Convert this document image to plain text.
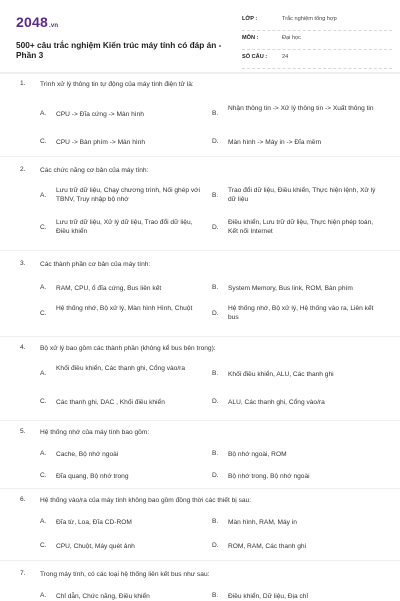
2048.vn
500+ câu trắc nghiệm Kiến trúc máy tính có đáp án - Phần 3
LỚP :	Trắc nghiệm tổng hợp
MÔN :	Đại học
SỐ CÂU :	24
1. Trình xử lý thông tin tự động của máy tính điện tử là:
A. CPU -> Đĩa cứng -> Màn hình	B.
Nhận thông tin -> Xử lý thông tin -> Xuất thông tin
C. CPU -> Bàn phím -> Màn hình	D. Màn hình -> Máy in -> Đĩa mềm
2. Các chức năng cơ bản của máy tính:
A.
Lưu trữ dữ liệu, Chạy chương trình, Nối ghép với TBNV, Truy nhập bộ nhớ
B.
Trao đổi dữ liệu, Điều khiển, Thực hiện lệnh, Xử lý dữ liệu
C.
Lưu trữ dữ liệu, Xử lý dữ liệu, Trao đổi dữ liệu, Điều khiển
D.
Điều khiển, Lưu trữ dữ liệu, Thực hiện phép toán, Kết nối Internet
3. Các thành phần cơ bản của máy tính:
A. RAM, CPU, ổ đĩa cứng, Bus liên kết	B. System Memory, Bus link, ROM, Bàn phím
C.
Hệ thống nhớ, Bộ xử lý, Màn hình Hình, Chuột
D.
Hệ thống nhớ, Bộ xử lý, Hệ thống vào ra, Liên kết bus
4. Bộ xử lý bao gồm các thành phần (không kể bus bên trong):
A.
Khối điều khiển, Các thanh ghi, Cổng vào/ra
B. Khối điều khiển, ALU, Các thanh ghi
C. Các thanh ghi, DAC , Khối điều khiển	D. ALU, Các thanh ghi, Cổng vào/ra
5. Hệ thống nhớ của máy tính bao gồm:
A. Cache, Bộ nhớ ngoài	B. Bộ nhớ ngoài, ROM
C. Đĩa quang, Bộ nhớ trong	D. Bộ nhớ trong, Bộ nhớ ngoài
6. Hệ thống vào/ra của máy tính không bao gồm đồng thời các thiết bị sau:
A. Đĩa từ, Loa, Đĩa CD-ROM	B. Màn hình, RAM, Máy in
C. CPU, Chuột, Máy quét ảnh	D. ROM, RAM, Các thanh ghi
7. Trong máy tính, có các loại hệ thống liên kết bus như sau:
A. Chỉ dẫn, Chức năng, Điều khiển	B. Điều khiển, Dữ liệu, Địa chỉ
